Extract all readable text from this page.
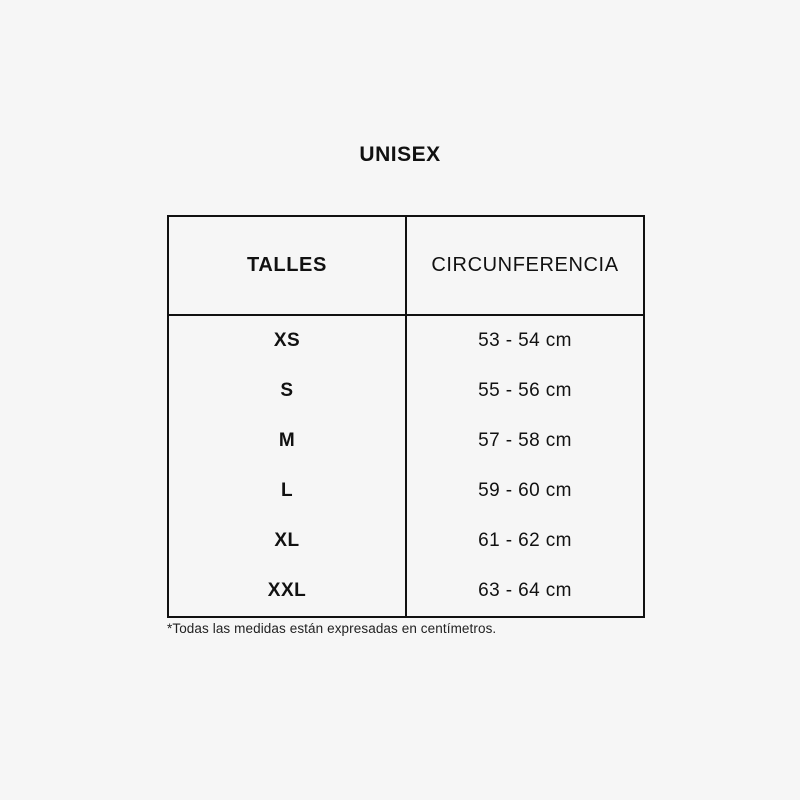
UNISEX
TALLES	CIRCUNFERENCIA
XS	53 - 54 cm
S	55 - 56 cm
M	57 - 58 cm
L	59 - 60 cm
XL	61 - 62 cm
XXL	63 - 64 cm
*Todas las medidas están expresadas en centímetros.
